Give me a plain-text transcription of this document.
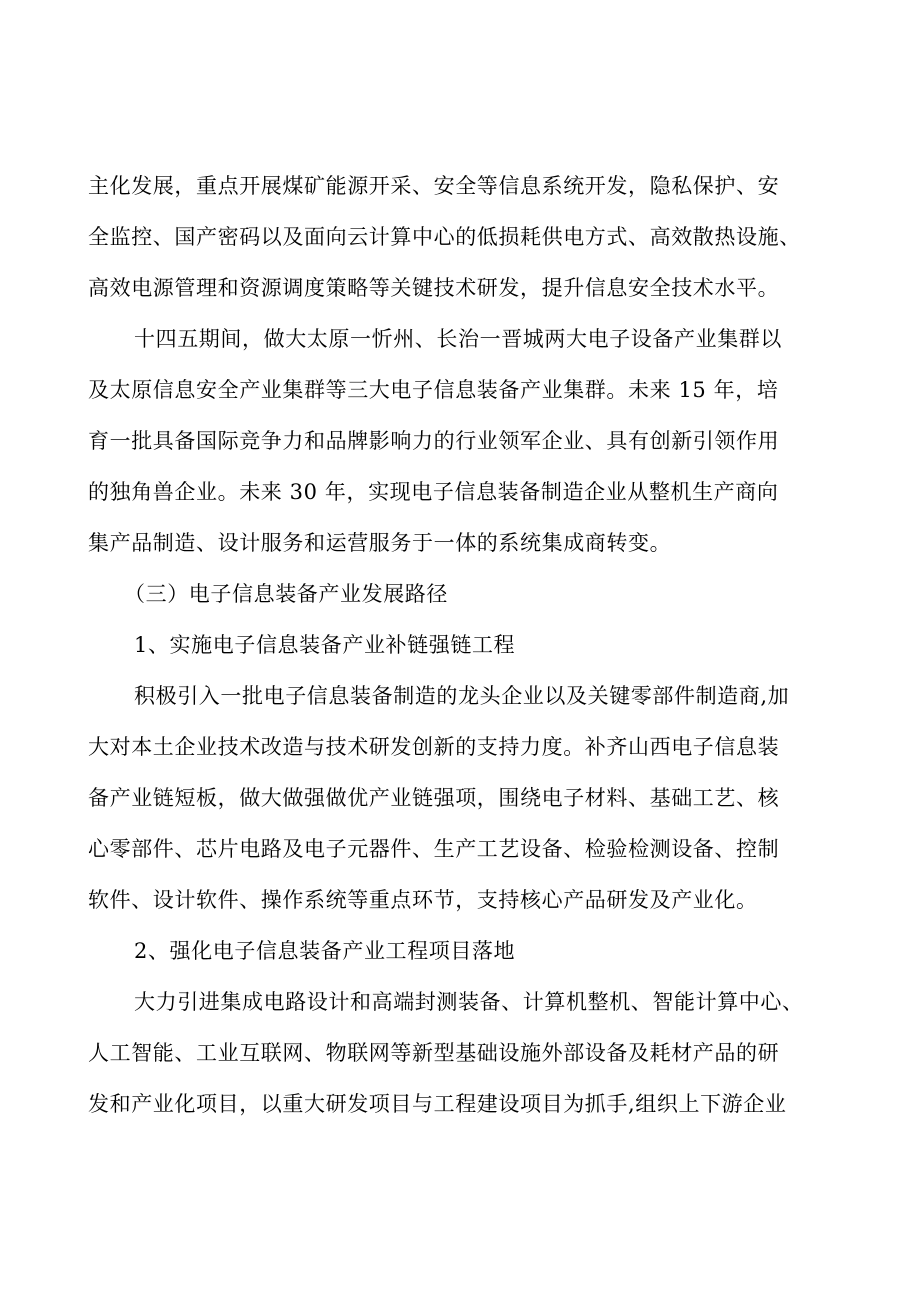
主化发展，重点开展煤矿能源开采、安全等信息系统开发，隐私保护、安
全监控、国产密码以及面向云计算中心的低损耗供电方式、高效散热设施、
高效电源管理和资源调度策略等关键技术研发，提升信息安全技术水平。
十四五期间，做大太原一忻州、长治一晋城两大电子设备产业集群以
及太原信息安全产业集群等三大电子信息装备产业集群。未来 15 年，培
育一批具备国际竞争力和品牌影响力的行业领军企业、具有创新引领作用
的独角兽企业。未来 30 年，实现电子信息装备制造企业从整机生产商向
集产品制造、设计服务和运营服务于一体的系统集成商转变。
（三）电子信息装备产业发展路径
1、实施电子信息装备产业补链强链工程
积极引入一批电子信息装备制造的龙头企业以及关键零部件制造商,加
大对本土企业技术改造与技术研发创新的支持力度。补齐山西电子信息装
备产业链短板，做大做强做优产业链强项，围绕电子材料、基础工艺、核
心零部件、芯片电路及电子元器件、生产工艺设备、检验检测设备、控制
软件、设计软件、操作系统等重点环节，支持核心产品研发及产业化。
2、强化电子信息装备产业工程项目落地
大力引进集成电路设计和高端封测装备、计算机整机、智能计算中心、
人工智能、工业互联网、物联网等新型基础设施外部设备及耗材产品的研
发和产业化项目，以重大研发项目与工程建设项目为抓手,组织上下游企业
